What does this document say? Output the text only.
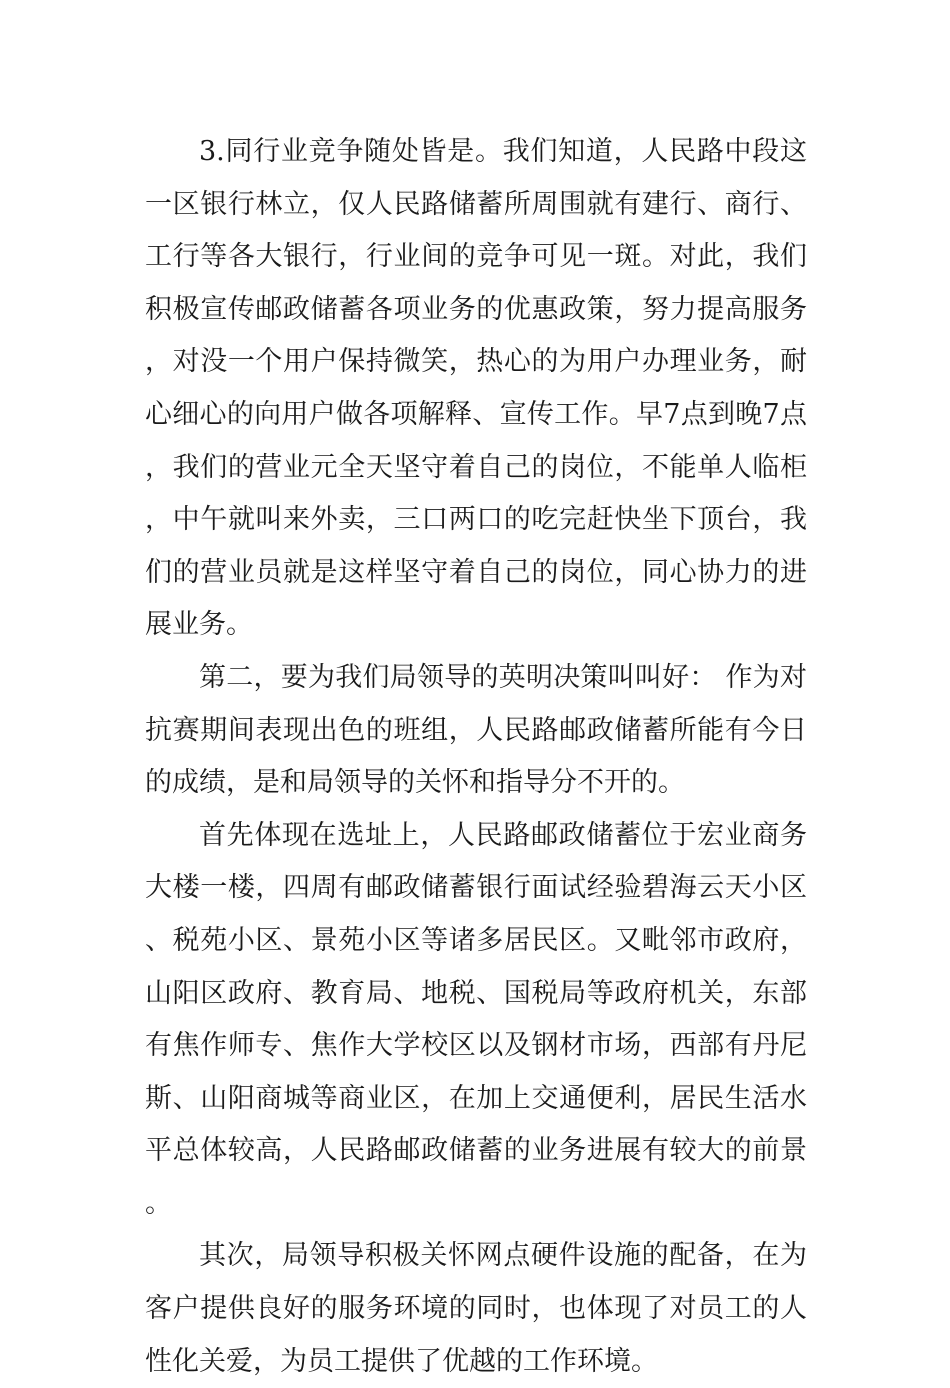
3.同行业竞争随处皆是。我们知道，人民路中段这一区银行林立，仅人民路储蓄所周围就有建行、商行、工行等各大银行，行业间的竞争可见一斑。对此，我们积极宣传邮政储蓄各项业务的优惠政策，努力提高服务，对没一个用户保持微笑，热心的为用户办理业务，耐心细心的向用户做各项解释、宣传工作。早7点到晚7点，我们的营业元全天坚守着自己的岗位，不能单人临柜，中午就叫来外卖，三口两口的吃完赶快坐下顶台，我们的营业员就是这样坚守着自己的岗位，同心协力的进展业务。

第二，要为我们局领导的英明决策叫叫好： 作为对抗赛期间表现出色的班组，人民路邮政储蓄所能有今日的成绩，是和局领导的关怀和指导分不开的。

首先体现在选址上，人民路邮政储蓄位于宏业商务大楼一楼，四周有邮政储蓄银行面试经验碧海云天小区、税苑小区、景苑小区等诸多居民区。又毗邻市政府，山阳区政府、教育局、地税、国税局等政府机关，东部有焦作师专、焦作大学校区以及钢材市场，西部有丹尼斯、山阳商城等商业区，在加上交通便利，居民生活水平总体较高，人民路邮政储蓄的业务进展有较大的前景。

其次，局领导积极关怀网点硬件设施的配备，在为客户提供良好的服务环境的同时，也体现了对员工的人性化关爱，为员工提供了优越的工作环境。
